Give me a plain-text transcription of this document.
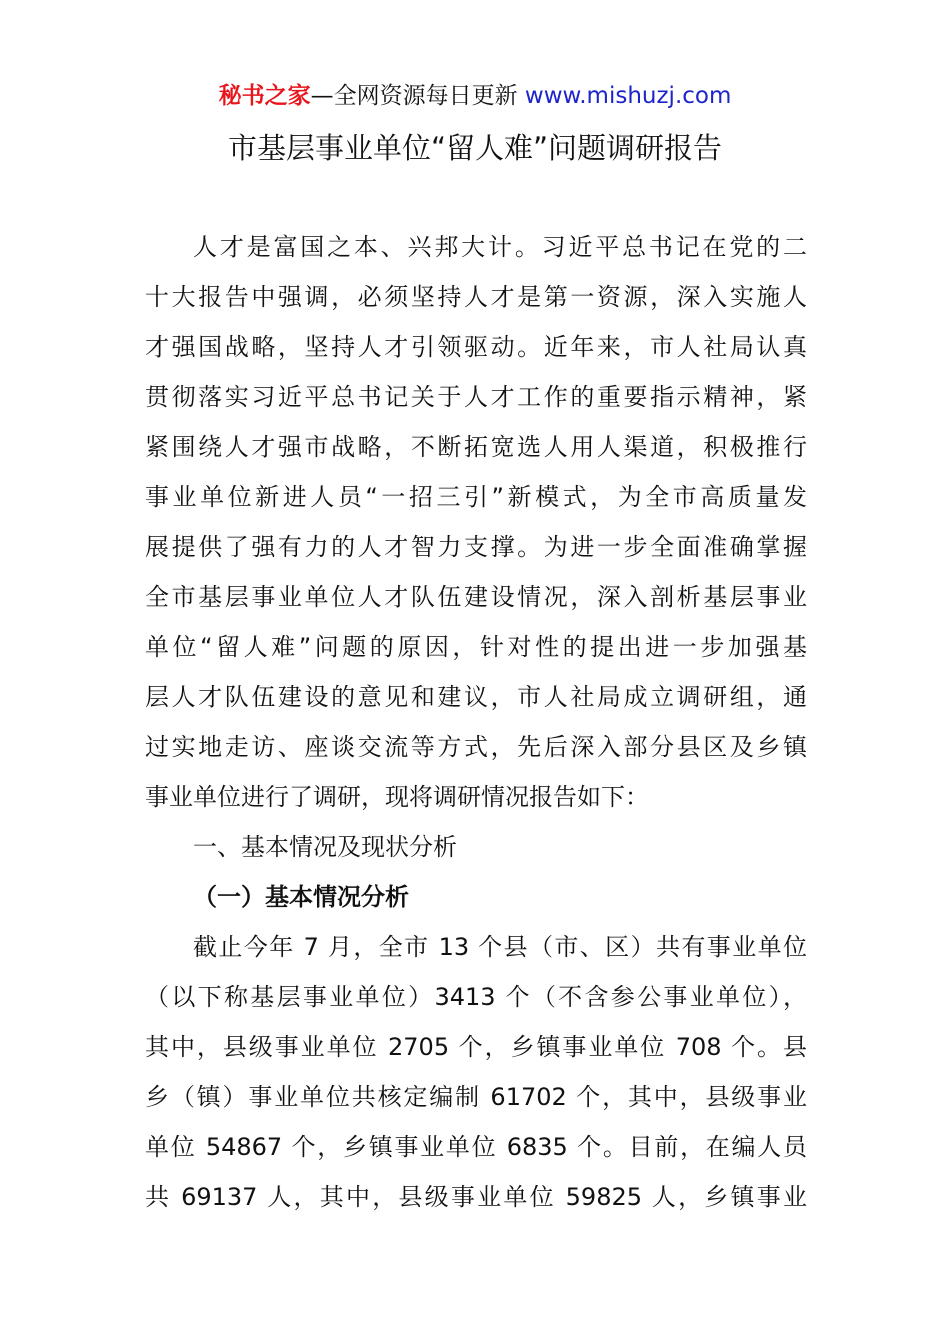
秘书之家—全网资源每日更新 www.mishuzj.com
市基层事业单位“留人难”问题调研报告
人才是富国之本、兴邦大计。习近平总书记在党的二
十大报告中强调，必须坚持人才是第一资源，深入实施人
才强国战略，坚持人才引领驱动。近年来，市人社局认真
贯彻落实习近平总书记关于人才工作的重要指示精神，紧
紧围绕人才强市战略，不断拓宽选人用人渠道，积极推行
事业单位新进人员“一招三引”新模式，为全市高质量发
展提供了强有力的人才智力支撑。为进一步全面准确掌握
全市基层事业单位人才队伍建设情况，深入剖析基层事业
单位“留人难”问题的原因，针对性的提出进一步加强基
层人才队伍建设的意见和建议，市人社局成立调研组，通
过实地走访、座谈交流等方式，先后深入部分县区及乡镇
事业单位进行了调研，现将调研情况报告如下：
一、基本情况及现状分析
（一）基本情况分析
截止今年 7 月，全市 13 个县（市、区）共有事业单位
（以下称基层事业单位）3413 个（不含参公事业单位），
其中，县级事业单位 2705 个，乡镇事业单位 708 个。县
乡（镇）事业单位共核定编制 61702 个，其中，县级事业
单位 54867 个，乡镇事业单位 6835 个。目前，在编人员
共 69137 人，其中，县级事业单位 59825 人，乡镇事业
